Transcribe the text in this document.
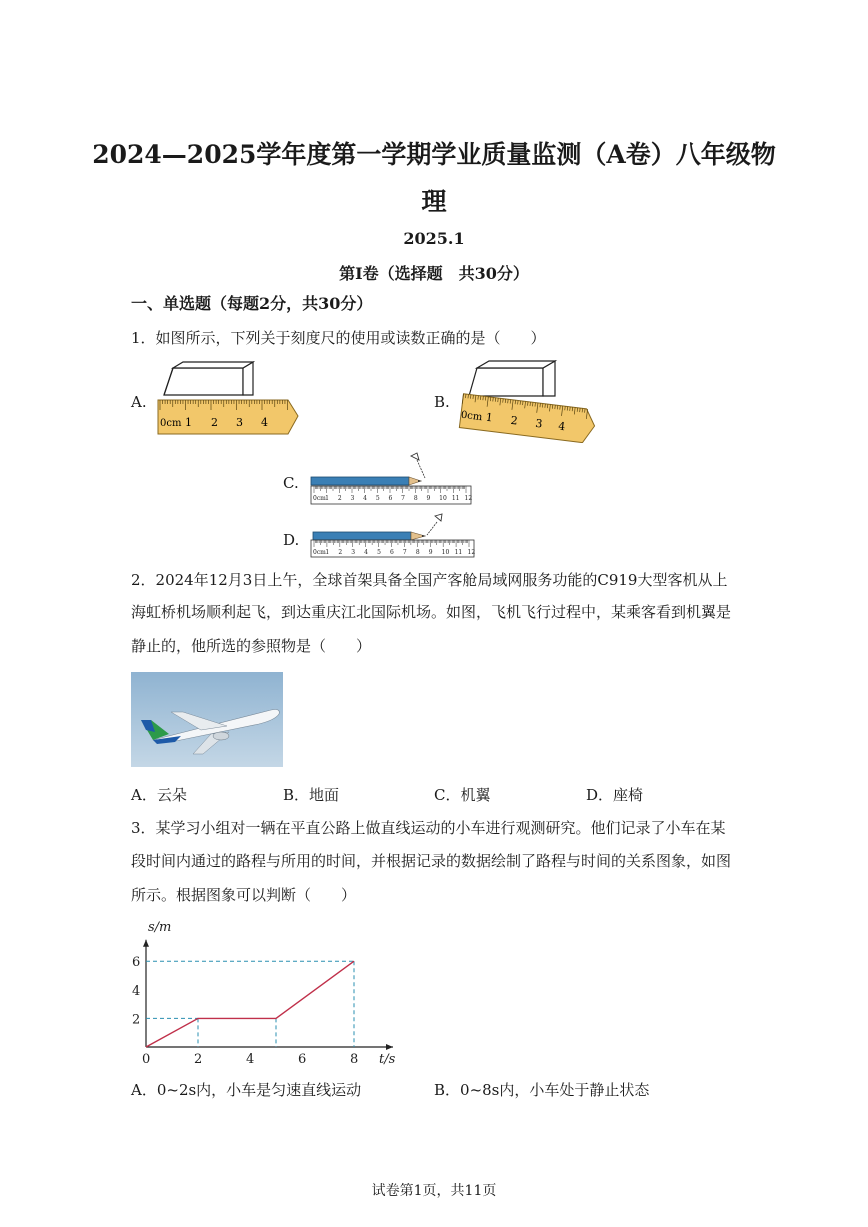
2024—2025学年度第一学期学业质量监测（A卷）八年级物
理
2025.1
第I卷（选择题　共30分）
一、单选题（每题2分，共30分）
1．如图所示，下列关于刻度尺的使用或读数正确的是（　　）
A.
0cm 1 2 3 4
B.
0cm 1 2 3 4
C.
0cm 1 2 3 4 5 6 7 8 9 10 11 12
D.
0cm 1 2 3 4 5 6 7 8 9 10 11 12
2．2024年12月3日上午，全球首架具备全国产客舱局域网服务功能的C919大型客机从上
海虹桥机场顺利起飞，到达重庆江北国际机场。如图，飞机飞行过程中，某乘客看到机翼是
静止的，他所选的参照物是（　　）
A．云朵	B．地面	C．机翼	D．座椅
3．某学习小组对一辆在平直公路上做直线运动的小车进行观测研究。他们记录了小车在某
段时间内通过的路程与所用的时间，并根据记录的数据绘制了路程与时间的关系图象，如图
所示。根据图象可以判断（　　）
0	2	4	6	8
2
4
6
s/m
t/s
A．0~2s内，小车是匀速直线运动	B．0~8s内，小车处于静止状态
试卷第1页，共11页
